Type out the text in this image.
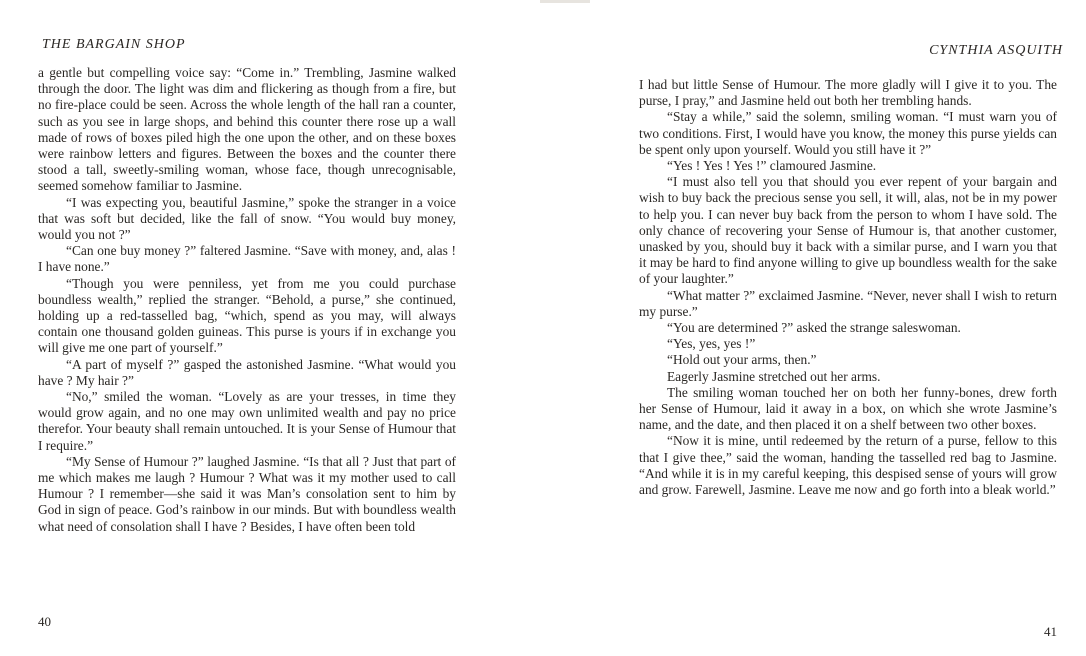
THE BARGAIN SHOP

a gentle but compelling voice say: “Come in.” Trembling, Jasmine walked through the door. The light was dim and flickering as though from a fire, but no fire-place could be seen. Across the whole length of the hall ran a counter, such as you see in large shops, and behind this counter there rose up a wall made of rows of boxes piled high the one upon the other, and on these boxes were rainbow letters and figures. Between the boxes and the counter there stood a tall, sweetly-smiling woman, whose face, though unrecognisable, seemed somehow familiar to Jasmine.

“I was expecting you, beautiful Jasmine,” spoke the stranger in a voice that was soft but decided, like the fall of snow. “You would buy money, would you not ?”

“Can one buy money ?” faltered Jasmine. “Save with money, and, alas ! I have none.”

“Though you were penniless, yet from me you could purchase boundless wealth,” replied the stranger. “Behold, a purse,” she continued, holding up a red-tasselled bag, “which, spend as you may, will always contain one thousand golden guineas. This purse is yours if in exchange you will give me one part of yourself.”

“A part of myself ?” gasped the astonished Jasmine. “What would you have ? My hair ?”

“No,” smiled the woman. “Lovely as are your tresses, in time they would grow again, and no one may own unlimited wealth and pay no price therefor. Your beauty shall remain untouched. It is your Sense of Humour that I require.”

“My Sense of Humour ?” laughed Jasmine. “Is that all ? Just that part of me which makes me laugh ? Humour ? What was it my mother used to call Humour ? I remember—she said it was Man’s consolation sent to him by God in sign of peace. God’s rainbow in our minds. But with boundless wealth what need of consolation shall I have ? Besides, I have often been told

40
CYNTHIA ASQUITH

I had but little Sense of Humour. The more gladly will I give it to you. The purse, I pray,” and Jasmine held out both her trembling hands.

“Stay a while,” said the solemn, smiling woman. “I must warn you of two conditions. First, I would have you know, the money this purse yields can be spent only upon yourself. Would you still have it ?”

“Yes ! Yes ! Yes !” clamoured Jasmine.

“I must also tell you that should you ever repent of your bargain and wish to buy back the precious sense you sell, it will, alas, not be in my power to help you. I can never buy back from the person to whom I have sold. The only chance of recovering your Sense of Humour is, that another customer, unasked by you, should buy it back with a similar purse, and I warn you that it may be hard to find anyone willing to give up boundless wealth for the sake of your laughter.”

“What matter ?” exclaimed Jasmine. “Never, never shall I wish to return my purse.”

“You are determined ?” asked the strange saleswoman.

“Yes, yes, yes !”

“Hold out your arms, then.”

Eagerly Jasmine stretched out her arms.

The smiling woman touched her on both her funny-bones, drew forth her Sense of Humour, laid it away in a box, on which she wrote Jasmine’s name, and the date, and then placed it on a shelf between two other boxes.

“Now it is mine, until redeemed by the return of a purse, fellow to this that I give thee,” said the woman, handing the tasselled red bag to Jasmine. “And while it is in my careful keeping, this despised sense of yours will grow and grow. Farewell, Jasmine. Leave me now and go forth into a bleak world.”

41
